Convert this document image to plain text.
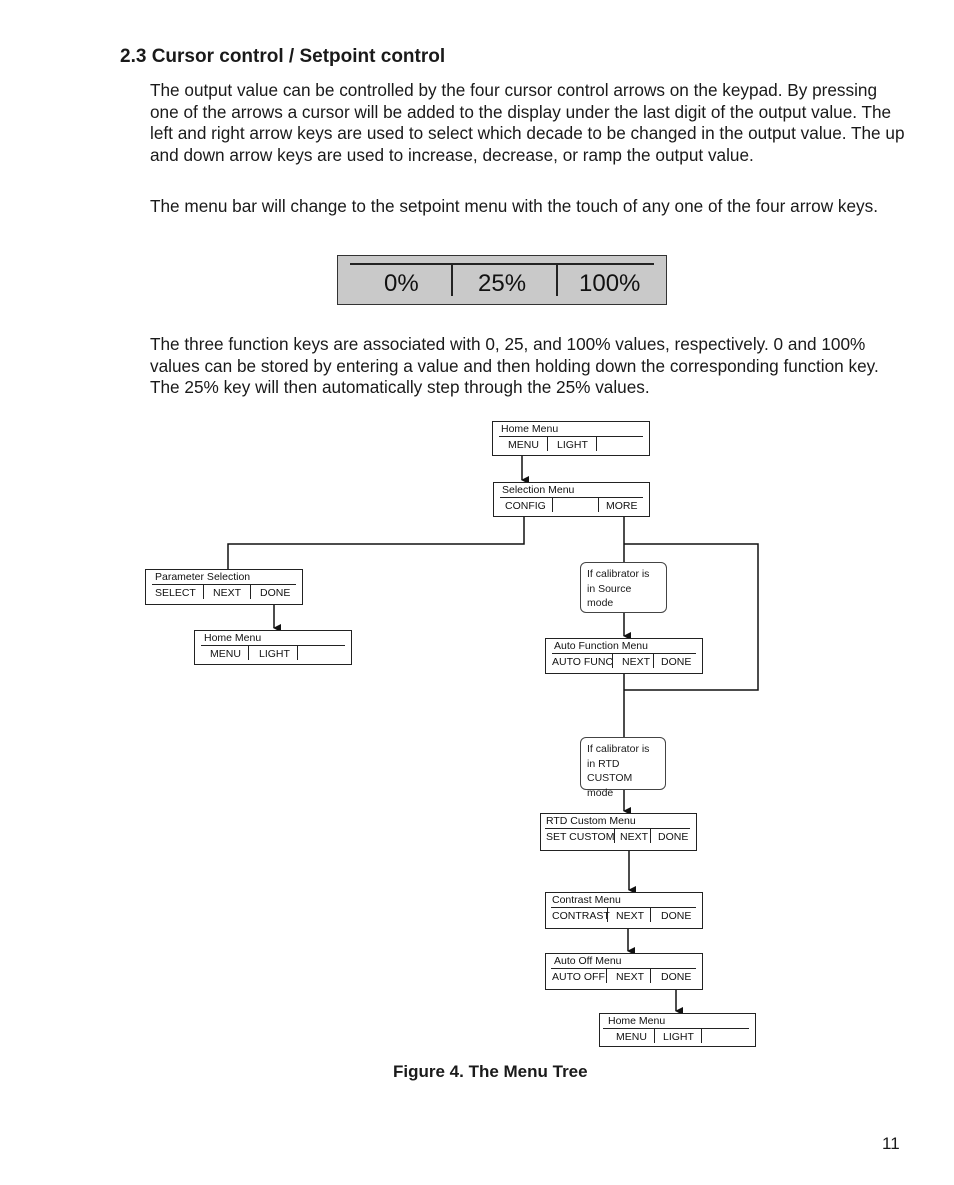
2.3 Cursor control / Setpoint control

The output value can be controlled by the four cursor control arrows on the keypad. By pressing one of the arrows a cursor will be added to the display under the last digit of the output value. The left and right arrow keys are used to select which decade to be changed in the output value. The up and down arrow keys are used to increase, decrease, or ramp the output value.

The menu bar will change to the setpoint menu with the touch of any one of the four arrow keys.

0% 25% 100%

The three function keys are associated with 0, 25, and 100% values, respectively. 0 and 100% values can be stored by entering a value and then holding down the corresponding function key. The 25% key will then automatically step through the 25% values.

Home Menu
MENU LIGHT
Selection Menu
CONFIG	MORE
Parameter Selection
SELECT NEXT DONE
Home Menu
MENU LIGHT
If calibrator is in Source mode
Auto Function Menu
AUTO FUNC NEXT DONE
If calibrator is in RTD CUSTOM mode
RTD Custom Menu
SET CUSTOM NEXT DONE
Contrast Menu
CONTRAST NEXT DONE
Auto Off Menu
AUTO OFF NEXT DONE
Home Menu
MENU LIGHT
Figure 4. The Menu Tree
11
